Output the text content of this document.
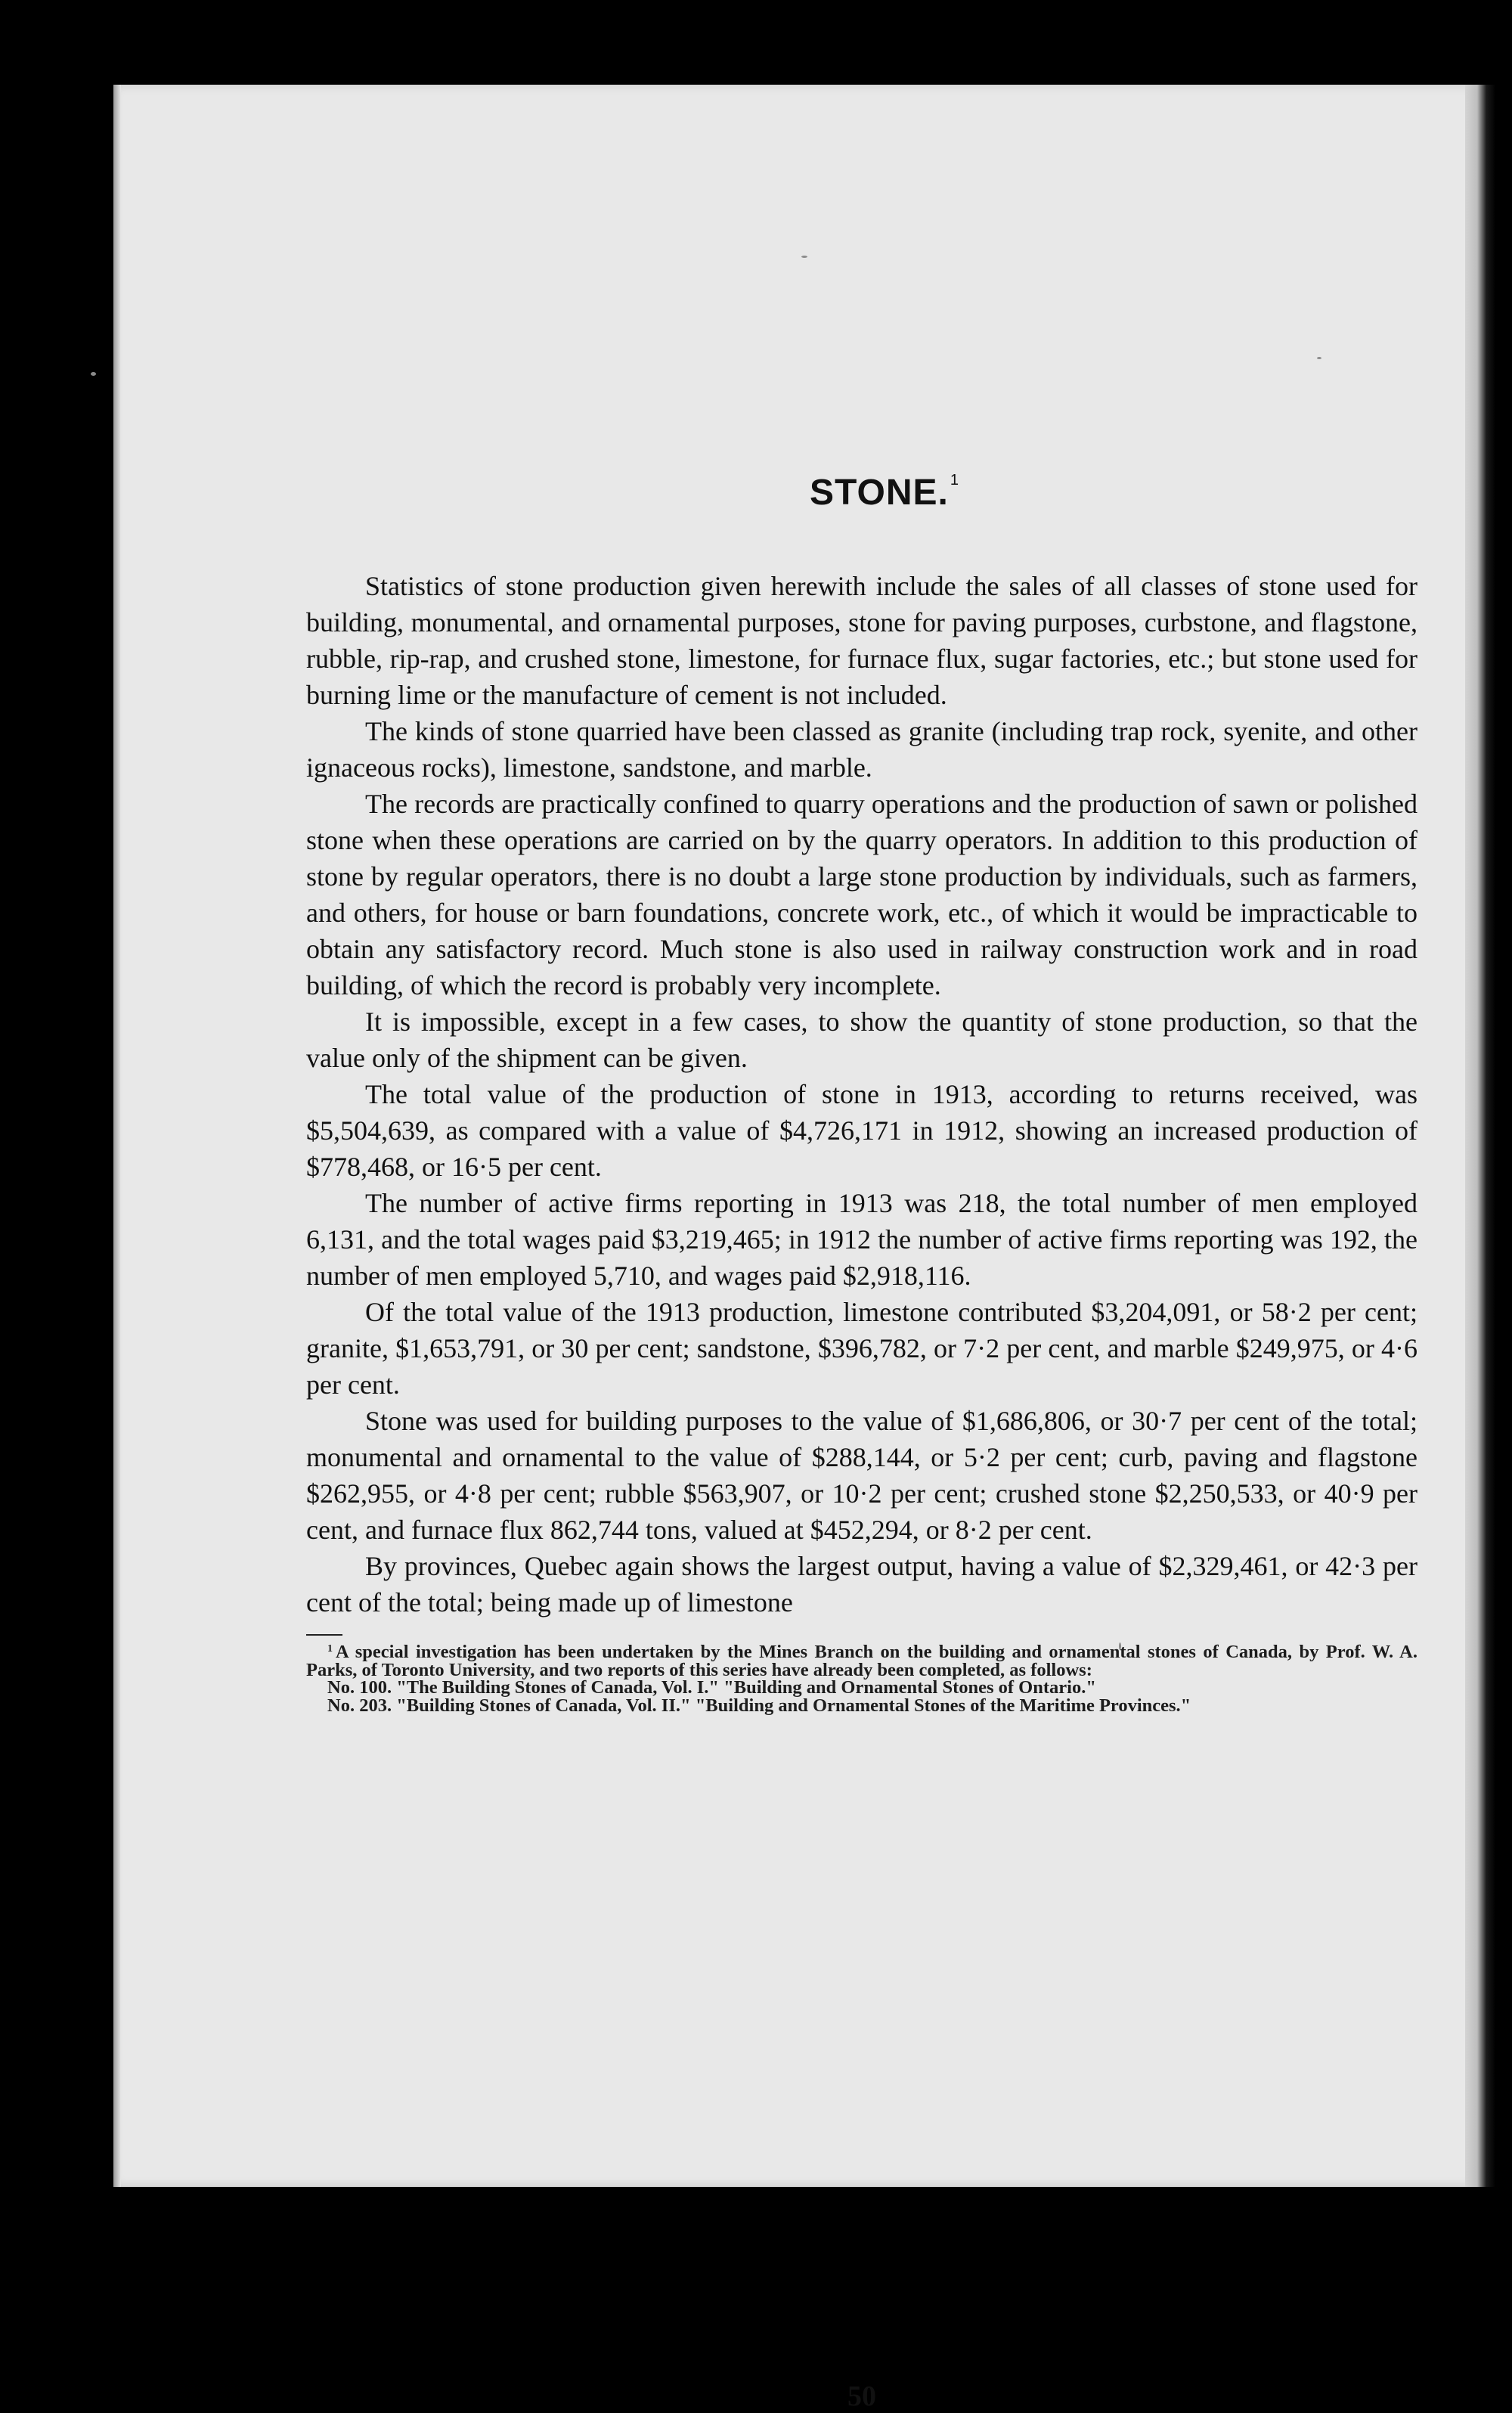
STONE. $^1$

Statistics of stone production given herewith include the sales of all classes of stone used for building, monumental, and ornamental purposes, stone for paving purposes, curbstone, and flagstone, rubble, rip-rap, and crushed stone, limestone, for furnace flux, sugar factories, etc.; but stone used for burning lime or the manufacture of cement is not included.

The kinds of stone quarried have been classed as granite (including trap rock, syenite, and other ignaceous rocks), limestone, sandstone, and marble.

The records are practically confined to quarry operations and the production of sawn or polished stone when these operations are carried on by the quarry operators. In addition to this production of stone by regular operators, there is no doubt a large stone production by individuals, such as farmers, and others, for house or barn foundations, concrete work, etc., of which it would be impracticable to obtain any satisfactory record. Much stone is also used in railway construction work and in road building, of which the record is probably very incomplete.

It is impossible, except in a few cases, to show the quantity of stone production, so that the value only of the shipment can be given.

The total value of the production of stone in 1913, according to returns received, was $5,504,639, as compared with a value of $4,726,171 in 1912, showing an increased production of $778,468, or 16·5 per cent.

The number of active firms reporting in 1913 was 218, the total number of men employed 6,131, and the total wages paid $3,219,465; in 1912 the number of active firms reporting was 192, the number of men employed 5,710, and wages paid $2,918,116.

Of the total value of the 1913 production, limestone contributed $3,204,091, or 58·2 per cent; granite, $1,653,791, or 30 per cent; sandstone, $396,782, or 7·2 per cent, and marble $249,975, or 4·6 per cent.

Stone was used for building purposes to the value of $1,686,806, or 30·7 per cent of the total; monumental and ornamental to the value of $288,144, or 5·2 per cent; curb, paving and flagstone $262,955, or 4·8 per cent; rubble $563,907, or 10·2 per cent; crushed stone $2,250,533, or 40·9 per cent, and furnace flux 862,744 tons, valued at $452,294, or 8·2 per cent.

By provinces, Quebec again shows the largest output, having a value of $2,329,461, or 42·3 per cent of the total; being made up of limestone

$^1$ A special investigation has been undertaken by the Mines Branch on the building and ornamental stones of Canada, by Prof. W. A. Parks, of Toronto University, and two reports of this series have already been completed, as follows:

No. 100. "The Building Stones of Canada, Vol. I." "Building and Ornamental Stones of Ontario."

No. 203. "Building Stones of Canada, Vol. II." "Building and Ornamental Stones of the Maritime Provinces."

50
